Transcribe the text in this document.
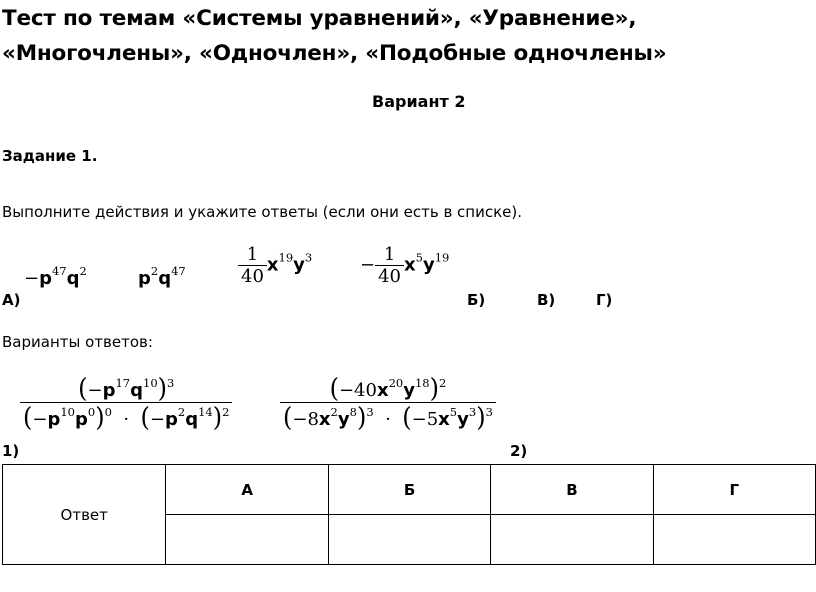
Тест по темам «Системы уравнений», «Уравнение»,
«Многочлены», «Одночлен», «Подобные одночлены»
Вариант 2
Задание 1.
Выполните действия и укажите ответы (если они есть в списке).
$-p^{47}q^2$	$p^2q^{47}$	$\frac{1}{40} x^{19}y^3$	− $\frac{1}{40} x^5y^{19}$
А)	Б)	В)	Г)
Варианты ответов:
$\frac{(-p^{17}q^{10})^3}{(-p^{10}p^0)^0 \cdot (-p^2q^{14})^2} \frac{(-40x^{20}y^{18})^2}{(-8x^2y^8)^3 \cdot (-5x^5y^3)^3}$
1)	2)
Ответ	А	Б	В	Г
